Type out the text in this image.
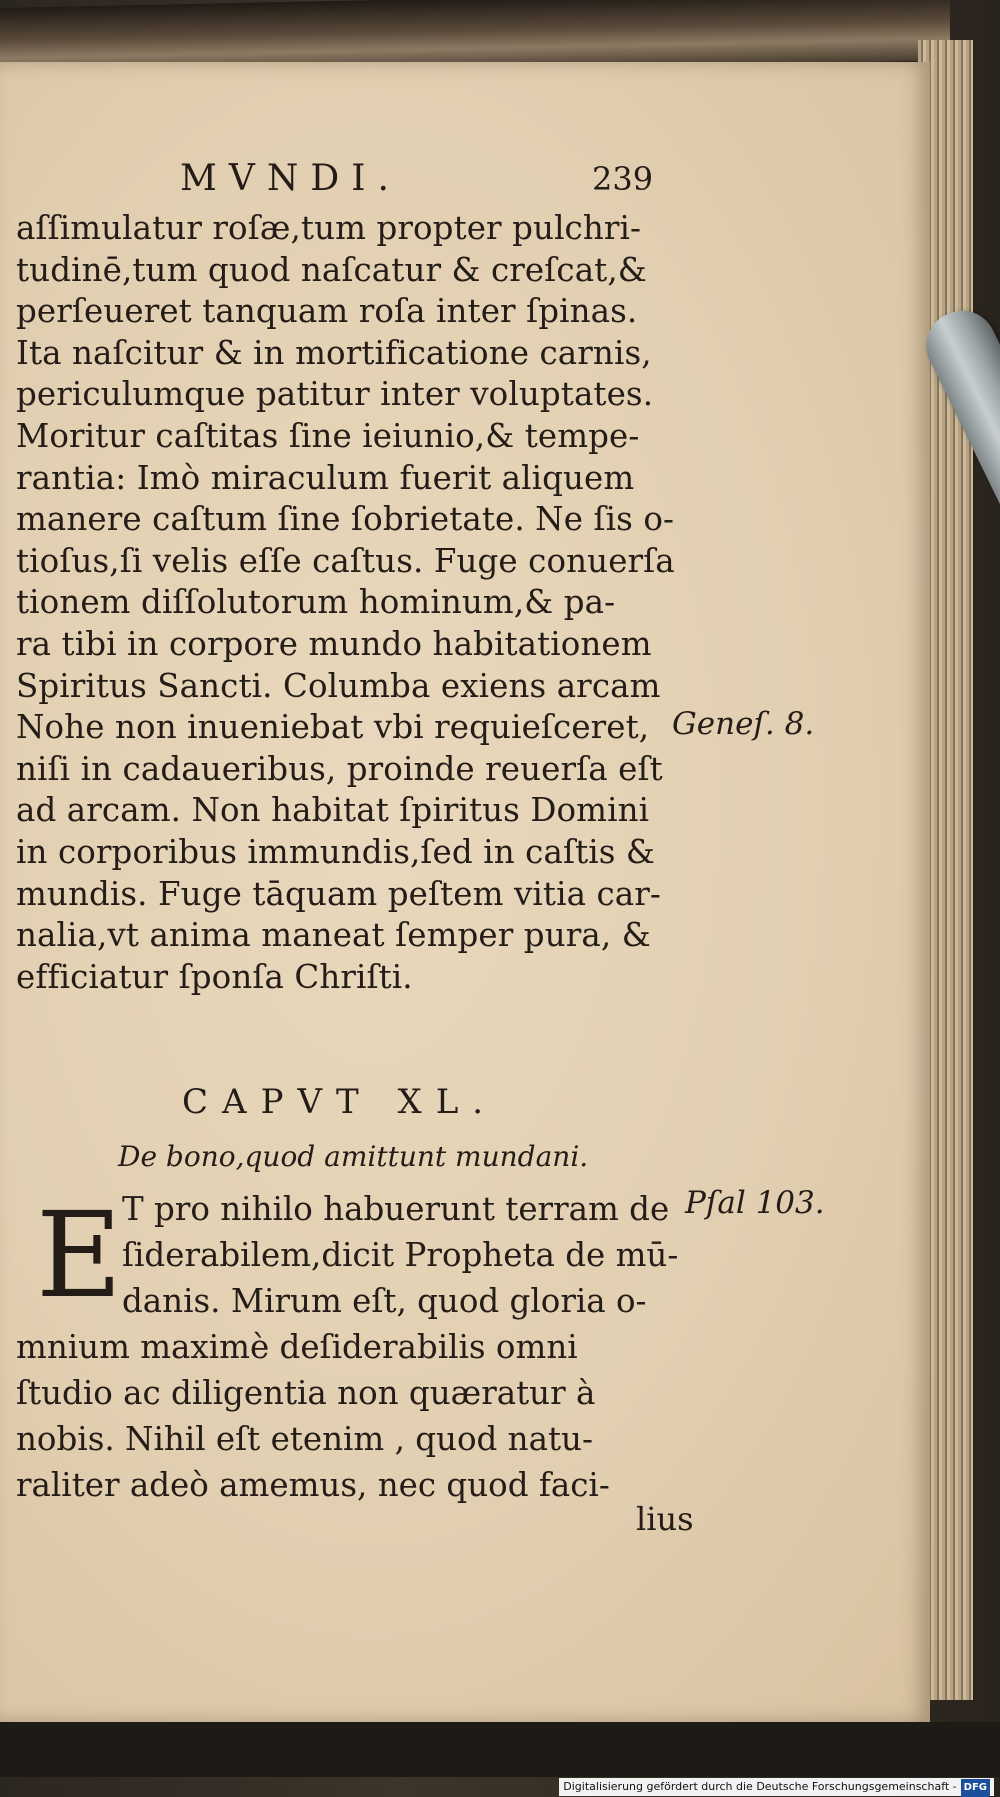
MVNDI.	239
aſſimulatur roſæ,tum propter pulchri-
tudinē,tum quod naſcatur & creſcat,&
perſeueret tanquam roſa inter ſpinas.
Ita naſcitur & in mortificatione carnis,
periculumque patitur inter voluptates.
Moritur caſtitas ſine ieiunio,& tempe-
rantia: Imò miraculum fuerit aliquem
manere caſtum ſine ſobrietate. Ne ſis o-
tioſus,ſi velis eſſe caſtus. Fuge conuerſa
tionem diſſolutorum hominum,& pa-
ra tibi in corpore mundo habitationem
Spiritus Sancti. Columba exiens arcam
Nohe non inueniebat vbi requieſceret,
niſi in cadaueribus, proinde reuerſa eſt
ad arcam. Non habitat ſpiritus Domini
in corporibus immundis,ſed in caſtis &
mundis. Fuge tāquam peſtem vitia car-
nalia,vt anima maneat ſemper pura, &
efficiatur ſponſa Chriſti.
Geneſ. 8.
Pſal 103.
CAPVT XL.
De bono,quod amittunt mundani.
E T pro nihilo habuerunt terram de
ſiderabilem,dicit Propheta de mū-
danis. Mirum eſt, quod gloria o-
mnium maximè deſiderabilis omni
ſtudio ac diligentia non quæratur à
nobis. Nihil eſt etenim , quod natu-
raliter adeò amemus, nec quod faci-
lius
Digitalisierung gefördert durch die Deutsche Forschungsgemeinschaft - DFG
